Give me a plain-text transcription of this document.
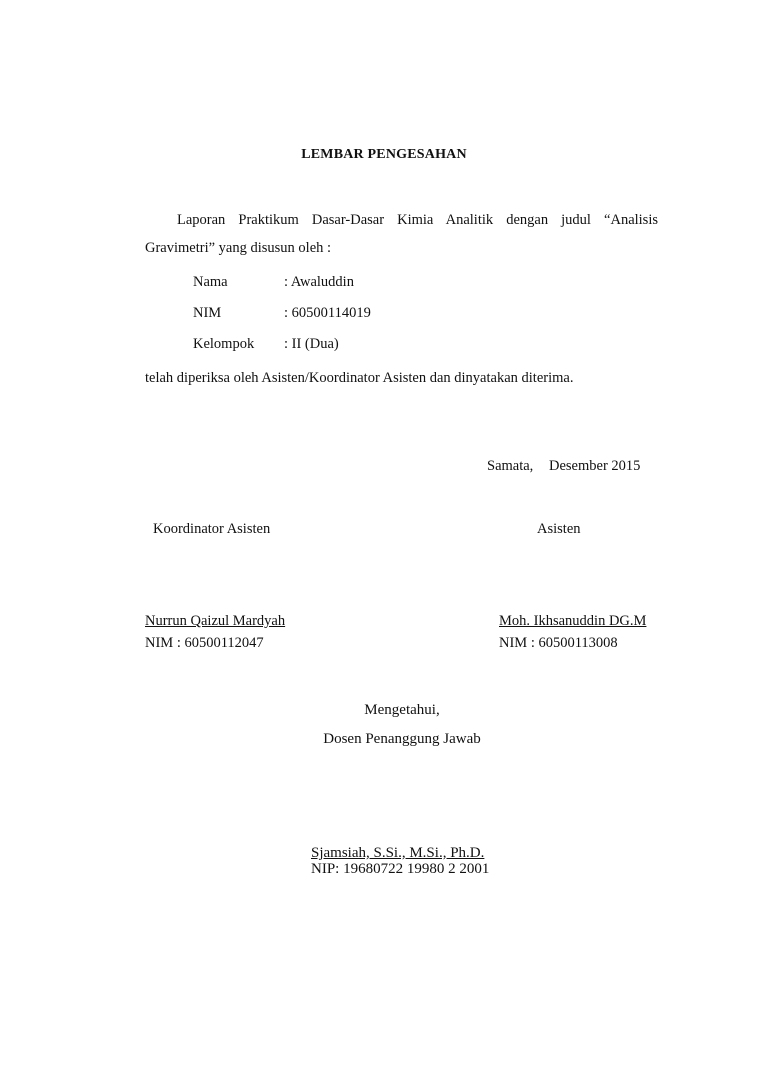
LEMBAR PENGESAHAN
Laporan Praktikum Dasar-Dasar Kimia Analitik dengan judul “Analisis
Gravimetri” yang disusun oleh :
Nama	: Awaluddin
NIM	: 60500114019
Kelompok : II (Dua)
telah diperiksa oleh Asisten/Koordinator Asisten dan dinyatakan diterima.
Samata, Desember 2015
Koordinator Asisten	Asisten
Nurrun Qaizul Mardyah
NIM : 60500112047
Moh. Ikhsanuddin DG.M
NIM : 60500113008
Mengetahui,
Dosen Penanggung Jawab
Sjamsiah, S.Si., M.Si., Ph.D.
NIP: 19680722 19980 2 2001
